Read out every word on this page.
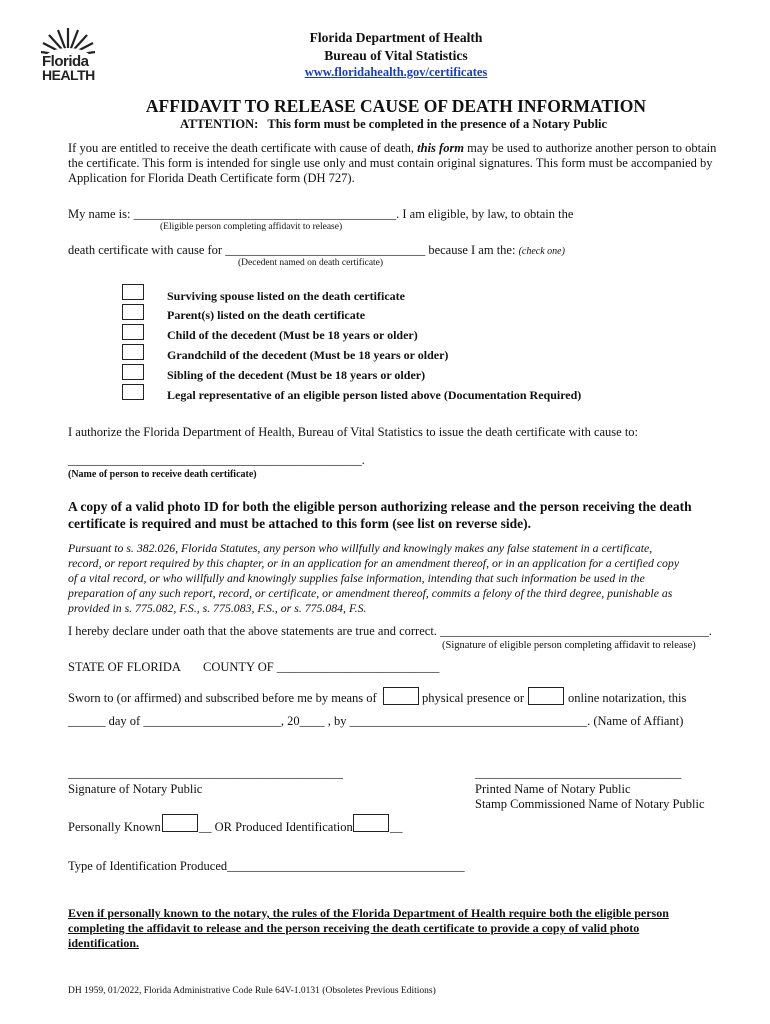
Florida
HEALTH
Florida Department of Health
Bureau of Vital Statistics
www.floridahealth.gov/certificates
AFFIDAVIT TO RELEASE CAUSE OF DEATH INFORMATION
ATTENTION:   This form must be completed in the presence of a Notary Public
If you are entitled to receive the death certificate with cause of death, this form may be used to authorize another person to obtain
the certificate. This form is intended for single use only and must contain original signatures. This form must be accompanied by
Application for Florida Death Certificate form (DH 727).
My name is: __________________________________________. I am eligible, by law, to obtain the
(Eligible person completing affidavit to release)
death certificate with cause for ________________________________ because I am the: (check one)
(Decedent named on death certificate)
Surviving spouse listed on the death certificate
Parent(s) listed on the death certificate
Child of the decedent (Must be 18 years or older)
Grandchild of the decedent (Must be 18 years or older)
Sibling of the decedent (Must be 18 years or older)
Legal representative of an eligible person listed above (Documentation Required)
I authorize the Florida Department of Health, Bureau of Vital Statistics to issue the death certificate with cause to:
_______________________________________________.
(Name of person to receive death certificate)
A copy of a valid photo ID for both the eligible person authorizing release and the person receiving the death
certificate is required and must be attached to this form (see list on reverse side).
Pursuant to s. 382.026, Florida Statutes, any person who willfully and knowingly makes any false statement in a certificate,
record, or report required by this chapter, or in an application for an amendment thereof, or in an application for a certified copy
of a vital record, or who willfully and knowingly supplies false information, intending that such information be used in the
preparation of any such report, record, or certificate, or amendment thereof, commits a felony of the third degree, punishable as
provided in s. 775.082, F.S., s. 775.083, F.S., or s. 775.084, F.S.
I hereby declare under oath that the above statements are true and correct. ___________________________________________.
(Signature of eligible person completing affidavit to release)
STATE OF FLORIDA COUNTY OF __________________________
Sworn to (or affirmed) and subscribed before me by means of	physical presence or	online notarization, this
______ day of ______________________, 20____ , by ______________________________________. (Name of Affiant)
____________________________________________
Signature of Notary Public
_________________________________
Printed Name of Notary Public
Stamp Commissioned Name of Notary Public
Personally Known	__ OR Produced Identification	__
Type of Identification Produced______________________________________
Even if personally known to the notary, the rules of the Florida Department of Health require both the eligible person
completing the affidavit to release and the person receiving the death certificate to provide a copy of valid photo
identification.
DH 1959, 01/2022, Florida Administrative Code Rule 64V-1.0131 (Obsoletes Previous Editions)
